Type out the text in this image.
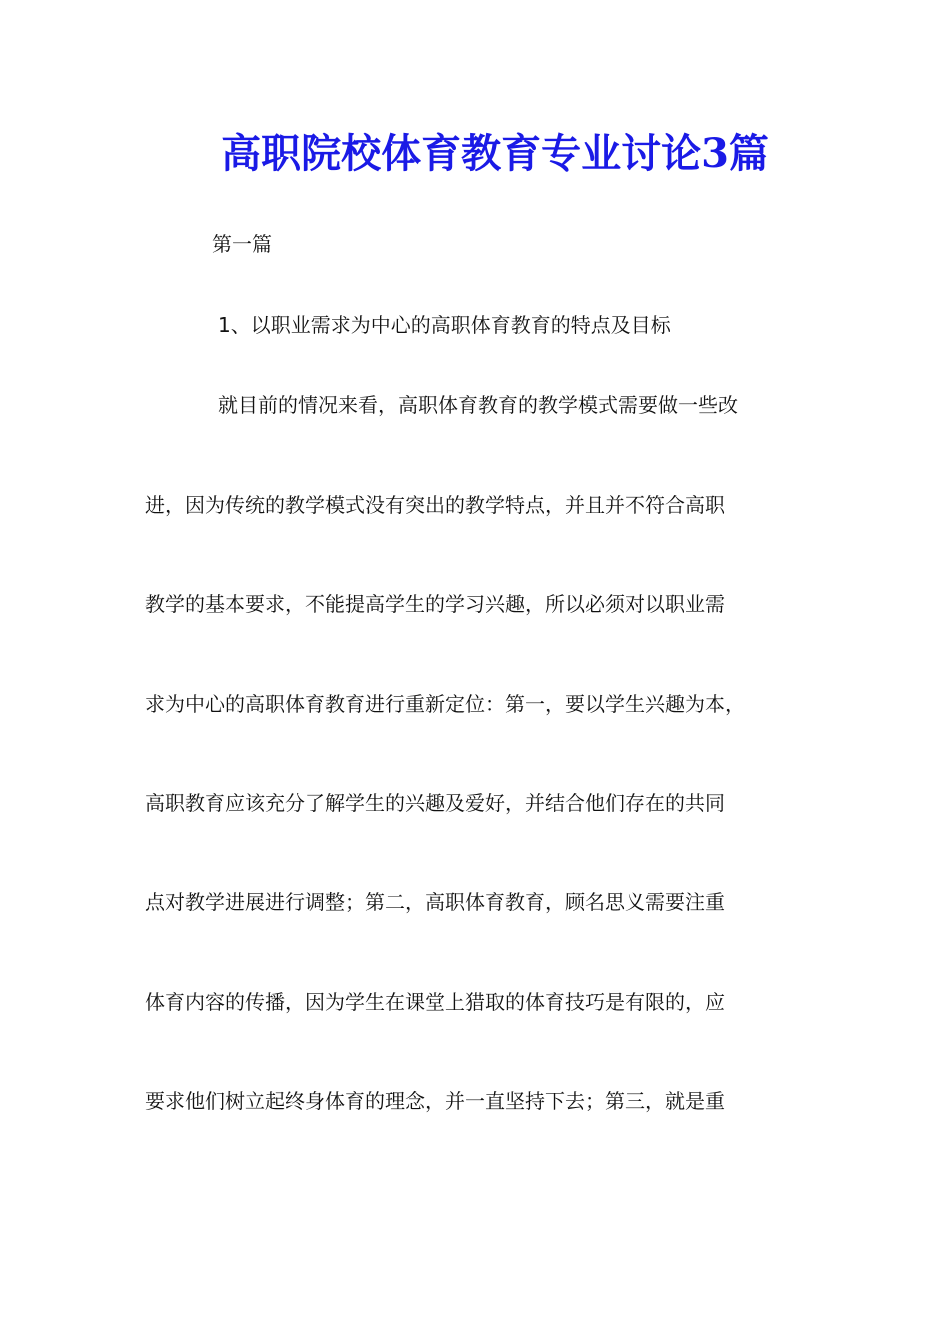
高职院校体育教育专业讨论3篇
第一篇
1、以职业需求为中心的高职体育教育的特点及目标
就目前的情况来看，高职体育教育的教学模式需要做一些改
进，因为传统的教学模式没有突出的教学特点，并且并不符合高职
教学的基本要求，不能提高学生的学习兴趣，所以必须对以职业需
求为中心的高职体育教育进行重新定位：第一，要以学生兴趣为本，
高职教育应该充分了解学生的兴趣及爱好，并结合他们存在的共同
点对教学进展进行调整；第二，高职体育教育，顾名思义需要注重
体育内容的传播，因为学生在课堂上猎取的体育技巧是有限的，应
要求他们树立起终身体育的理念，并一直坚持下去；第三，就是重
